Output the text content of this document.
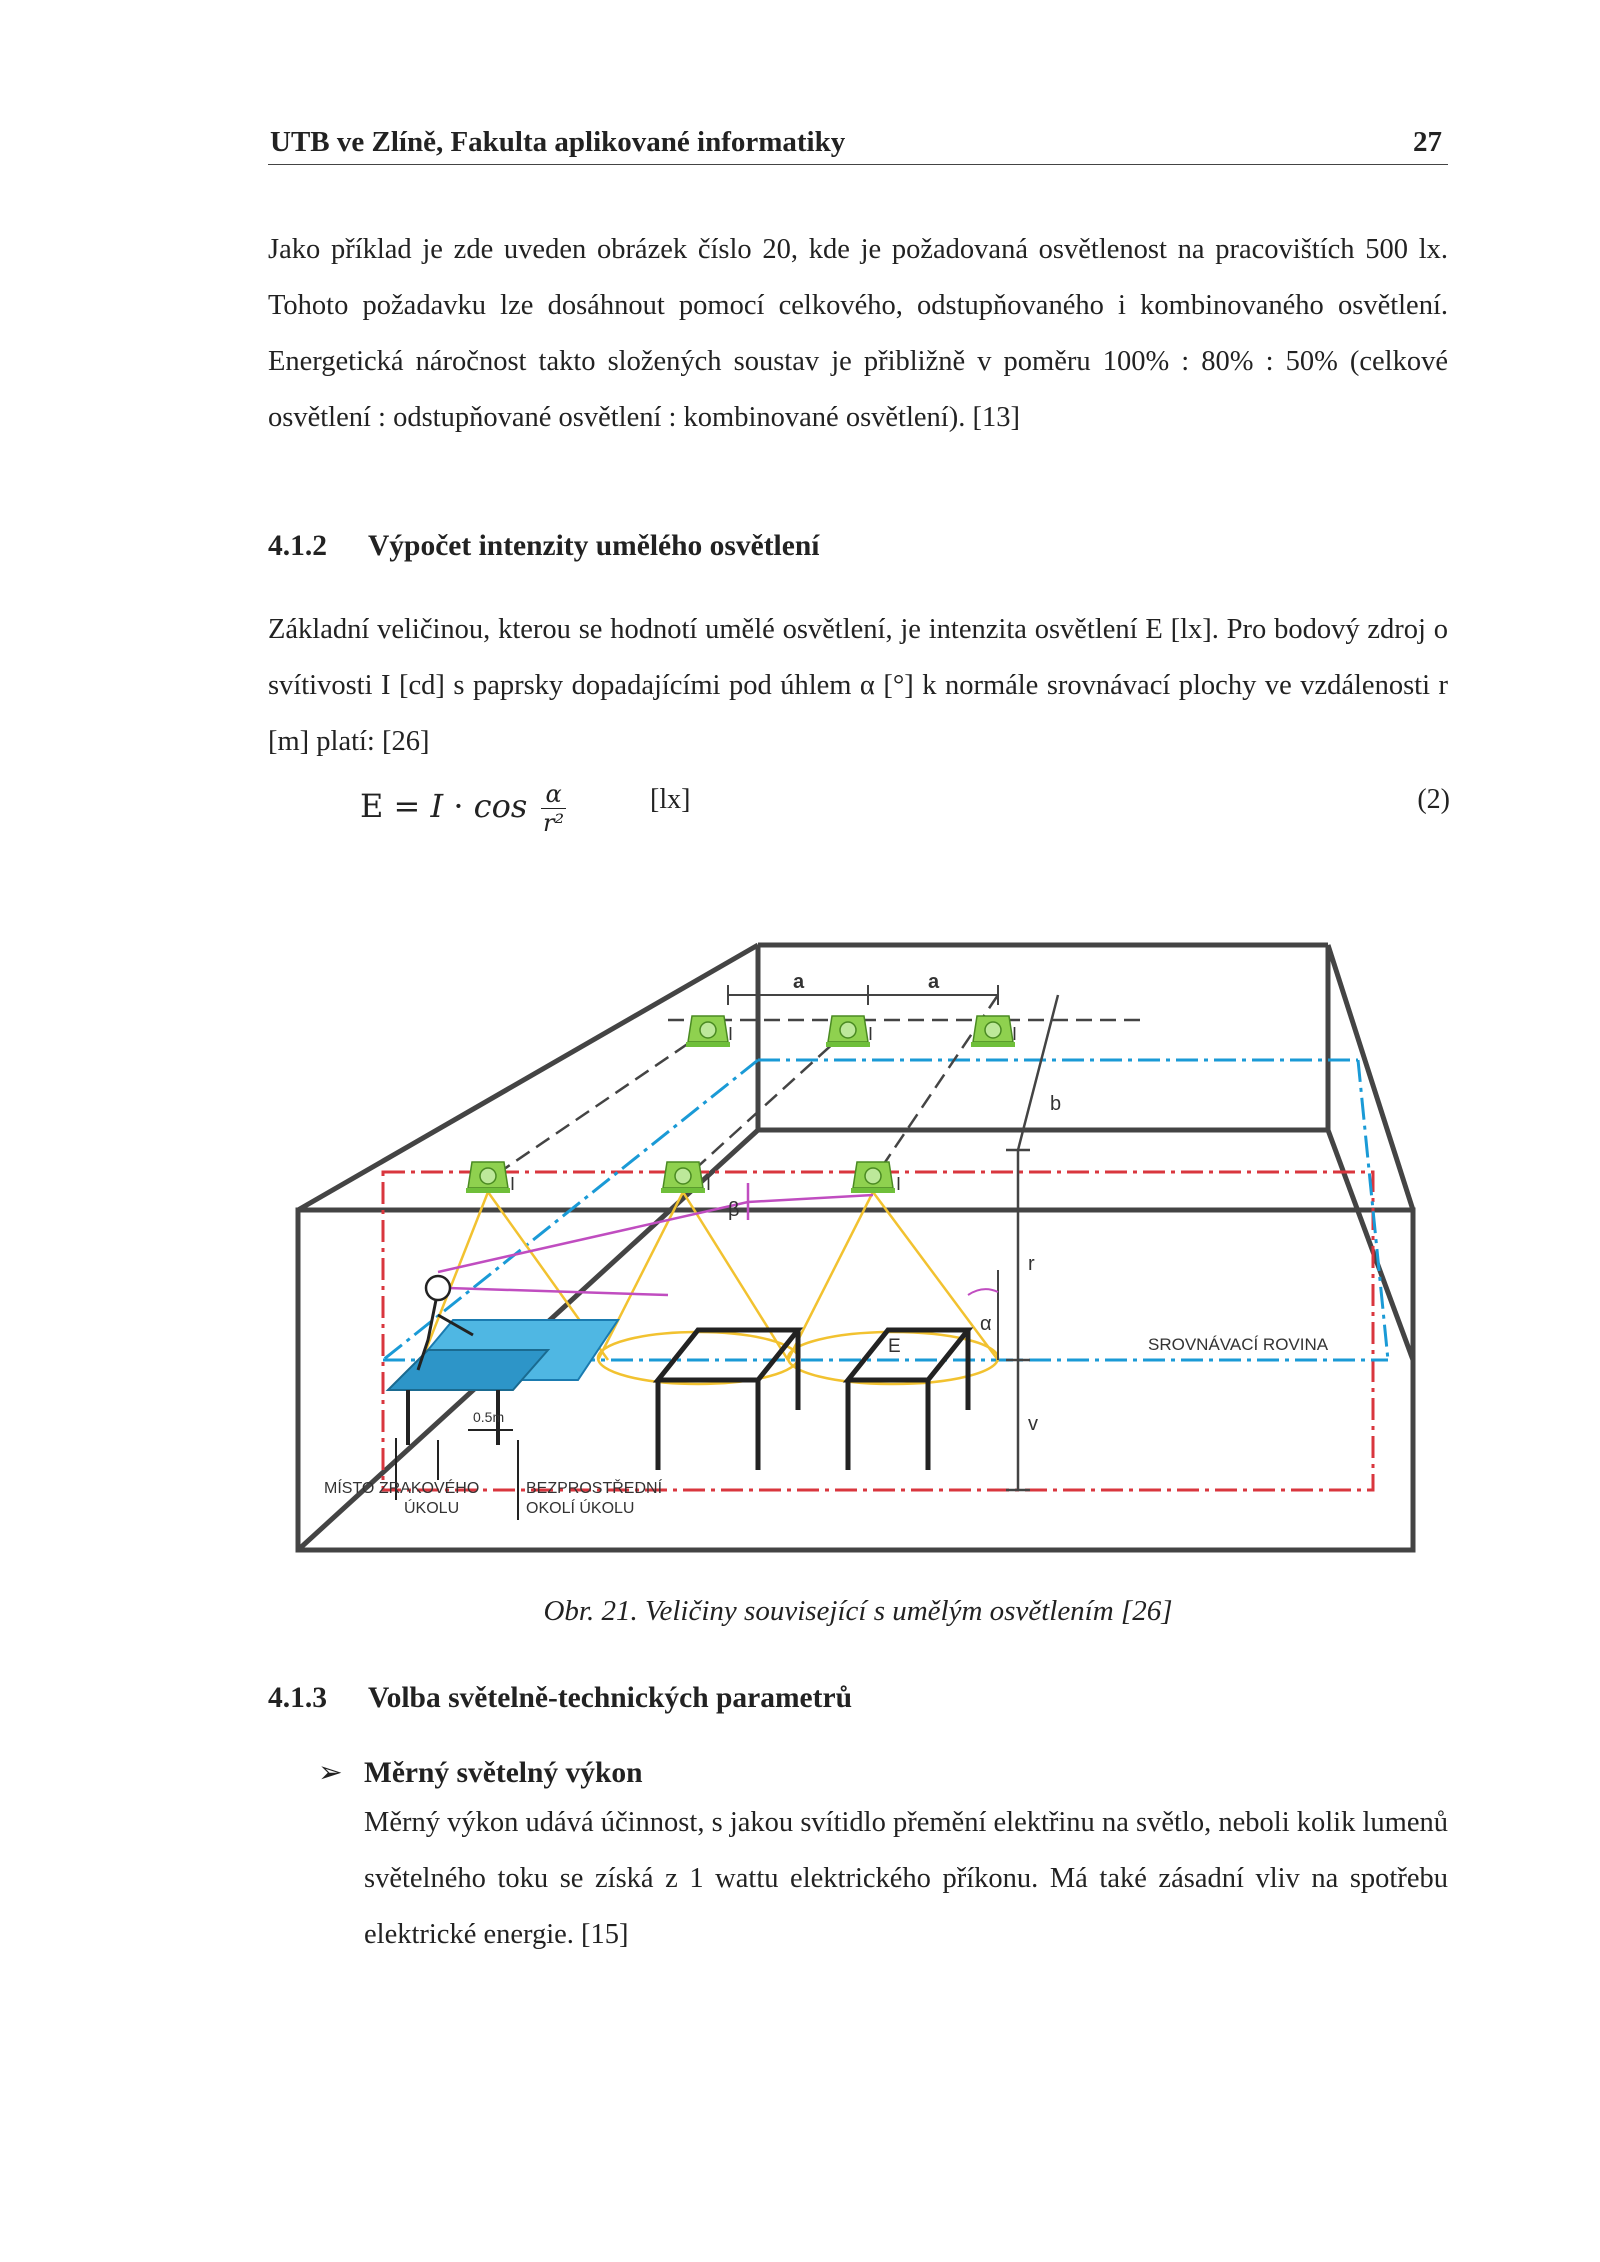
UTB ve Zlíně, Fakulta aplikované informatiky	27

Jako příklad je zde uveden obrázek číslo 20, kde je požadovaná osvětlenost na pracovištích 500 lx. Tohoto požadavku lze dosáhnout pomocí celkového, odstupňovaného i kombinovaného osvětlení. Energetická náročnost takto složených soustav je přibližně v poměru 100% : 80% : 50% (celkové osvětlení : odstupňované osvětlení : kombinované osvětlení). [13]

4.1.2 Výpočet intenzity umělého osvětlení

Základní veličinou, kterou se hodnotí umělé osvětlení, je intenzita osvětlení E [lx]. Pro bodový zdroj o svítivosti I [cd] s paprsky dopadajícími pod úhlem α [°] k normále srovnávací plochy ve vzdálenosti r [m] platí: [26]

$E = I \cdot \cos \frac{\alpha}{\text{r²}}$	[lx]	(2)
a	a
I	I	I
b
I	I	I
β
α
r
v
E	SROVNÁVACÍ ROVINA
0.5m
MÍSTO ZRAKOVÉHO
ÚKOLU
BEZPROSTŘEDNÍ
OKOLÍ ÚKOLU
Obr. 21. Veličiny související s umělým osvětlením [26]
4.1.3 Volba světelně-technických parametrů
➢ Měrný světelný výkon

Měrný výkon udává účinnost, s jakou svítidlo přemění elektřinu na světlo, neboli kolik lumenů světelného toku se získá z 1 wattu elektrického příkonu. Má také zásadní vliv na spotřebu elektrické energie. [15]
